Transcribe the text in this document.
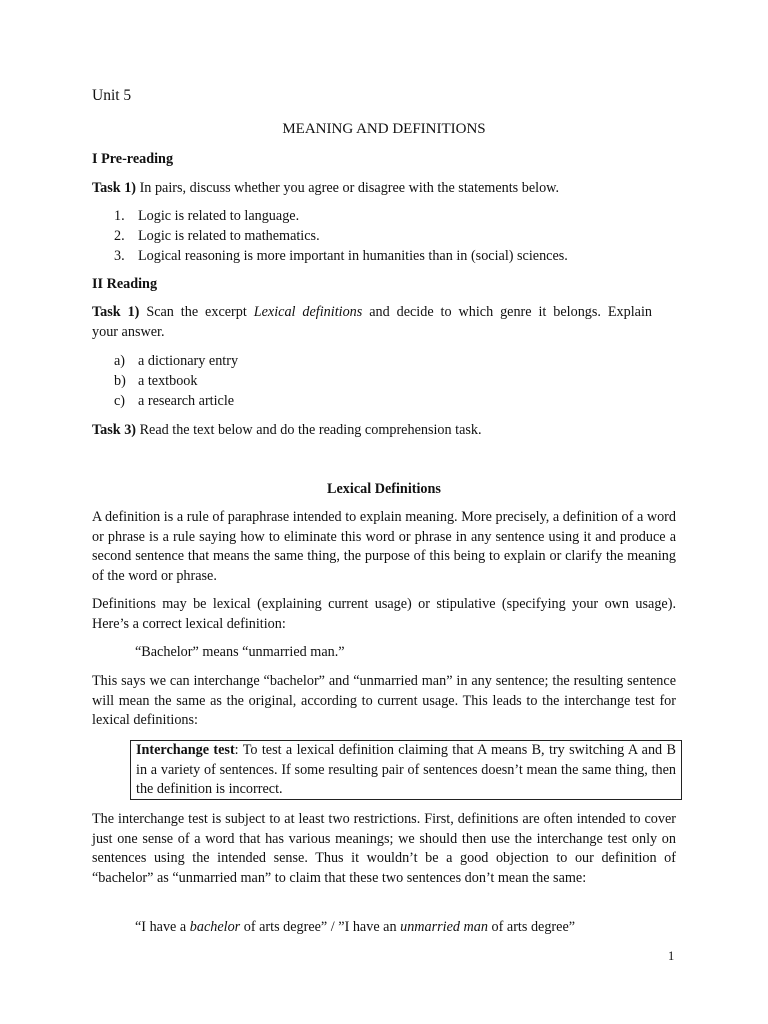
Unit 5
MEANING AND DEFINITIONS
I Pre-reading
Task 1) In pairs, discuss whether you agree or disagree with the statements below.
1. Logic is related to language.
2. Logic is related to mathematics.
3. Logical reasoning is more important in humanities than in (social) sciences.
II Reading
Task 1) Scan the excerpt Lexical definitions and decide to which genre it belongs. Explain
your answer.
a) a dictionary entry
b) a textbook
c) a research article
Task 3) Read the text below and do the reading comprehension task.
Lexical Definitions

A definition is a rule of paraphrase intended to explain meaning. More precisely, a definition of a word or phrase is a rule saying how to eliminate this word or phrase in any sentence using it and produce a second sentence that means the same thing, the purpose of this being to explain or clarify the meaning of the word or phrase.

Definitions may be lexical (explaining current usage) or stipulative (specifying your own usage). Here’s a correct lexical definition:

“Bachelor” means “unmarried man.”

This says we can interchange “bachelor” and “unmarried man” in any sentence; the resulting sentence will mean the same as the original, according to current usage. This leads to the interchange test for lexical definitions:

Interchange test: To test a lexical definition claiming that A means B, try switching A and B in a variety of sentences. If some resulting pair of sentences doesn’t mean the same thing, then the definition is incorrect.

The interchange test is subject to at least two restrictions. First, definitions are often intended to cover just one sense of a word that has various meanings; we should then use the interchange test only on sentences using the intended sense. Thus it wouldn’t be a good objection to our definition of “bachelor” as “unmarried man” to claim that these two sentences don’t mean the same:

“I have a bachelor of arts degree” / ”I have an unmarried man of arts degree”
1
